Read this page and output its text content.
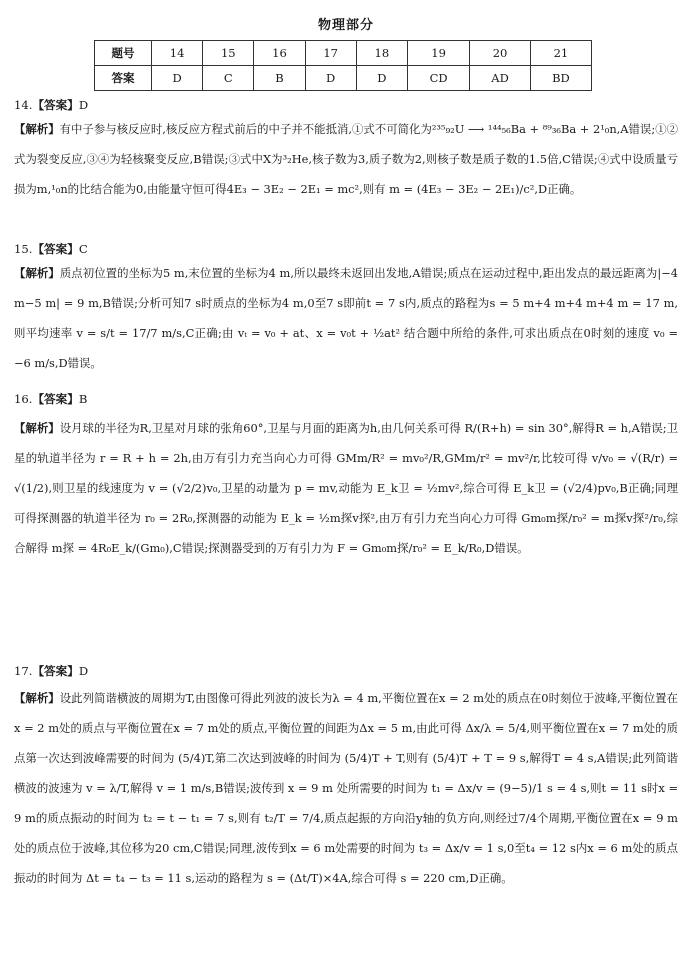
物理部分
题号	14	15	16	17	18	19	20	21
答案	D	C	B	D	D	CD	AD	BD
14.【答案】D
【解析】有中子参与核反应时,核反应方程式前后的中子并不能抵消,①式不可简化为²³⁵₉₂U ⟶ ¹⁴⁴₅₆Ba + ⁸⁹₃₆Ba + 2¹₀n,A错误;①②式为裂变反应,③④为轻核聚变反应,B错误;③式中X为³₂He,核子数为3,质子数为2,则核子数是质子数的1.5倍,C错误;④式中设质量亏损为m,¹₀n的比结合能为0,由能量守恒可得4E₃ − 3E₂ − 2E₁ = mc²,则有 m = (4E₃ − 3E₂ − 2E₁)/c²,D正确。
15.【答案】C
【解析】质点初位置的坐标为5 m,末位置的坐标为4 m,所以最终未返回出发地,A错误;质点在运动过程中,距出发点的最远距离为|−4 m−5 m| = 9 m,B错误;分析可知7 s时质点的坐标为4 m,0至7 s即前t = 7 s内,质点的路程为s = 5 m+4 m+4 m+4 m = 17 m,则平均速率 v = s/t = 17/7 m/s,C正确;由 vₜ = v₀ + at、x = v₀t + ½at² 结合题中所给的条件,可求出质点在0时刻的速度 v₀ = −6 m/s,D错误。
16.【答案】B
【解析】设月球的半径为R,卫星对月球的张角60°,卫星与月面的距离为h,由几何关系可得 R/(R+h) = sin 30°,解得R = h,A错误;卫星的轨道半径为 r = R + h = 2h,由万有引力充当向心力可得 GMm/R² = mv₀²/R,GMm/r² = mv²/r,比较可得 v/v₀ = √(R/r) = √(1/2),则卫星的线速度为 v = (√2/2)v₀,卫星的动量为 p = mv,动能为 E_k卫 = ½mv²,综合可得 E_k卫 = (√2/4)pv₀,B正确;同理可得探测器的轨道半径为 r₀ = 2R₀,探测器的动能为 E_k = ½m探v探²,由万有引力充当向心力可得 Gm₀m探/r₀² = m探v探²/r₀,综合解得 m探 = 4R₀E_k/(Gm₀),C错误;探测器受到的万有引力为 F = Gm₀m探/r₀² = E_k/R₀,D错误。
17.【答案】D
【解析】设此列简谐横波的周期为T,由图像可得此列波的波长为λ = 4 m,平衡位置在x = 2 m处的质点在0时刻位于波峰,平衡位置在x = 2 m处的质点与平衡位置在x = 7 m处的质点,平衡位置的间距为Δx = 5 m,由此可得 Δx/λ = 5/4,则平衡位置在x = 7 m处的质点第一次达到波峰需要的时间为 (5/4)T,第二次达到波峰的时间为 (5/4)T + T,则有 (5/4)T + T = 9 s,解得T = 4 s,A错误;此列简谐横波的波速为 v = λ/T,解得 v = 1 m/s,B错误;波传到 x = 9 m 处所需要的时间为 t₁ = Δx/v = (9−5)/1 s = 4 s,则t = 11 s时x = 9 m的质点振动的时间为 t₂ = t − t₁ = 7 s,则有 t₂/T = 7/4,质点起振的方向沿y轴的负方向,则经过7/4个周期,平衡位置在x = 9 m处的质点位于波峰,其位移为20 cm,C错误;同理,波传到x = 6 m处需要的时间为 t₃ = Δx/v = 1 s,0至t₄ = 12 s内x = 6 m处的质点振动的时间为 Δt = t₄ − t₃ = 11 s,运动的路程为 s = (Δt/T)×4A,综合可得 s = 220 cm,D正确。
